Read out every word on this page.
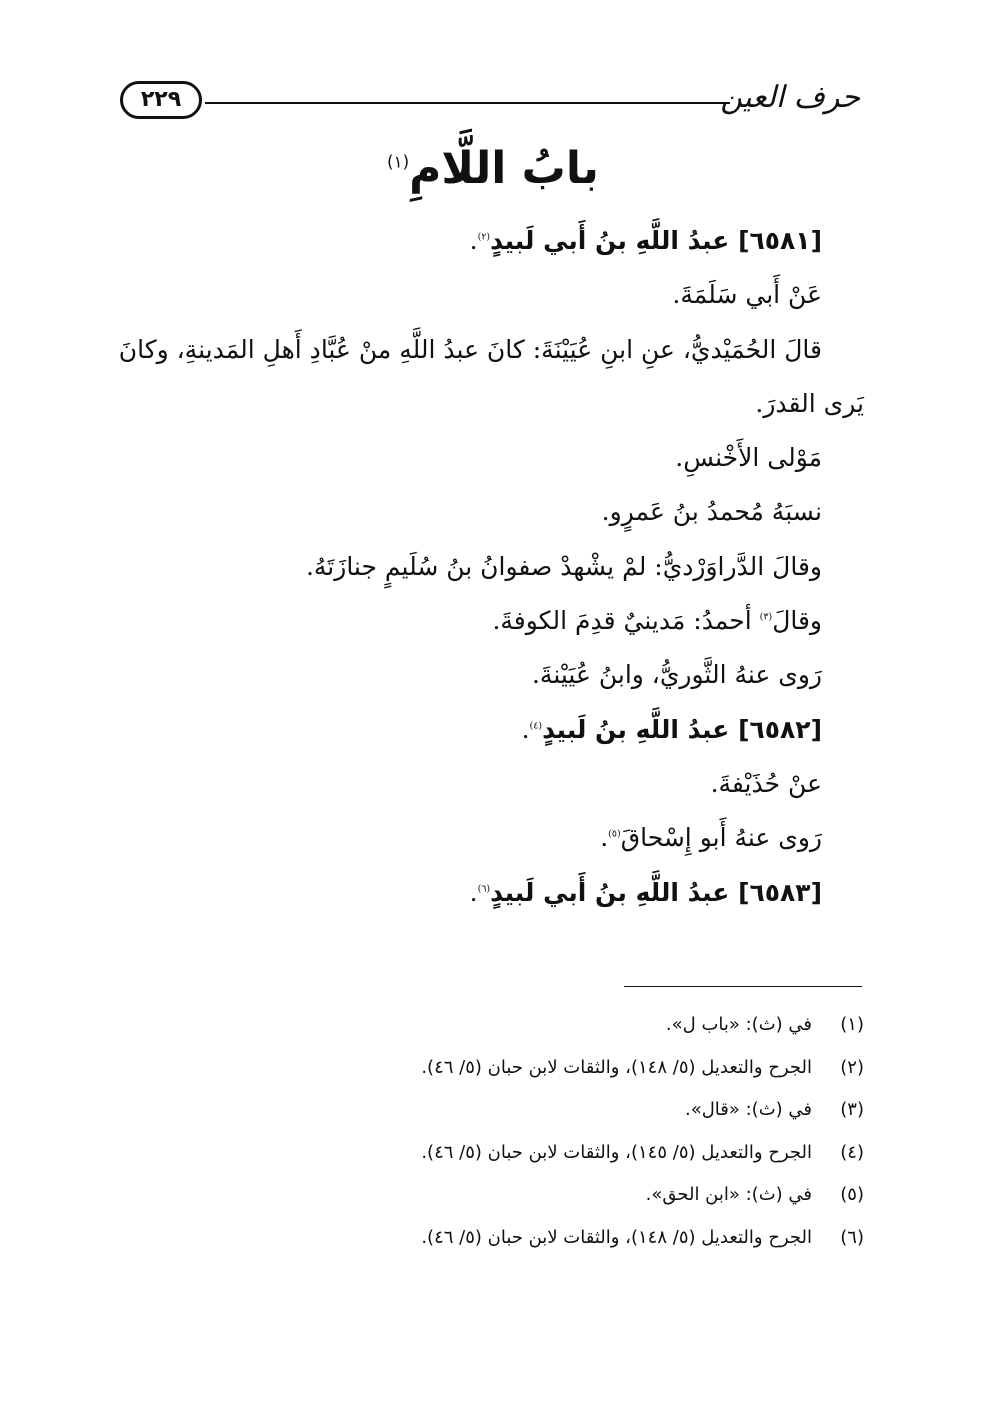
حرف العين
٢٢٩
بابُ اللَّامِ$^{(١)}$
[٦٥٨١] عبدُ اللَّهِ بنُ أَبي لَبيدٍ$^{(٢)}$.
عَنْ أَبي سَلَمَةَ.
قالَ الحُمَيْديُّ، عنِ ابنِ عُيَيْنَةَ: كانَ عبدُ اللَّهِ منْ عُبَّادِ أَهلِ المَدينةِ، وكانَ
يَرى القدرَ.
مَوْلى الأَخْنسِ.
نسبَهُ مُحمدُ بنُ عَمرٍو.
وقالَ الدَّراوَرْديُّ: لمْ يشْهدْ صفوانُ بنُ سُلَيمٍ جنازَتَهُ.
وقالَ$^{(٣)}$ أحمدُ: مَدينيٌ قدِمَ الكوفةَ.
رَوى عنهُ الثَّوريُّ، وابنُ عُيَيْنةَ.
[٦٥٨٢] عبدُ اللَّهِ بنُ لَبيدٍ$^{(٤)}$.
عنْ حُذَيْفةَ.
رَوى عنهُ أَبو إِسْحاقَ$^{(٥)}$.
[٦٥٨٣] عبدُ اللَّهِ بنُ أَبي لَبيدٍ$^{(٦)}$.
(١)في (ث): «باب ل».
(٢)الجرح والتعديل (٥/ ١٤٨)، والثقات لابن حبان (٥/ ٤٦).
(٣)في (ث): «قال».
(٤)الجرح والتعديل (٥/ ١٤٥)، والثقات لابن حبان (٥/ ٤٦).
(٥)في (ث): «ابن الحق».
(٦)الجرح والتعديل (٥/ ١٤٨)، والثقات لابن حبان (٥/ ٤٦).
